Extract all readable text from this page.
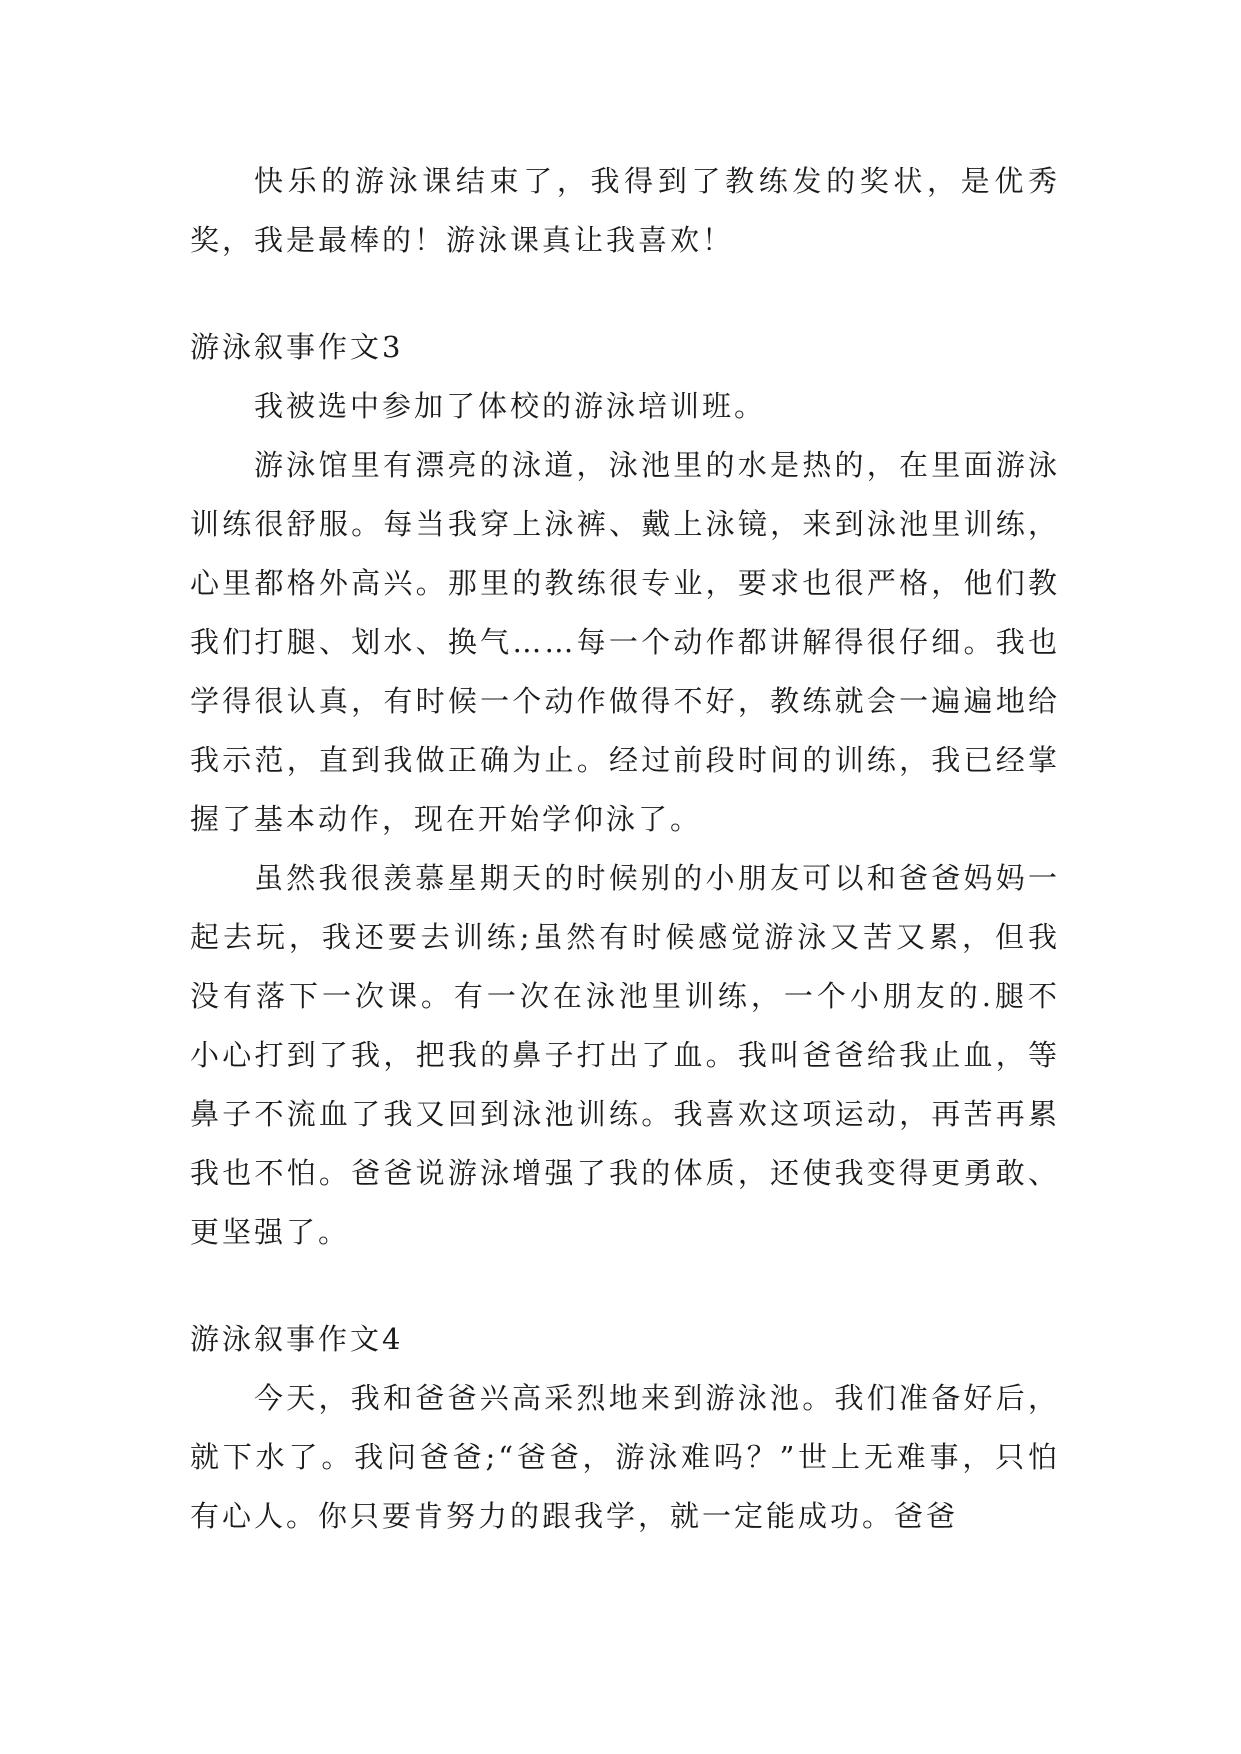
快乐的游泳课结束了，我得到了教练发的奖状，是优秀奖，我是最棒的！游泳课真让我喜欢！

游泳叙事作文3

我被选中参加了体校的游泳培训班。

游泳馆里有漂亮的泳道，泳池里的水是热的，在里面游泳训练很舒服。每当我穿上泳裤、戴上泳镜，来到泳池里训练，心里都格外高兴。那里的教练很专业，要求也很严格，他们教我们打腿、划水、换气……每一个动作都讲解得很仔细。我也学得很认真，有时候一个动作做得不好，教练就会一遍遍地给我示范，直到我做正确为止。经过前段时间的训练，我已经掌握了基本动作，现在开始学仰泳了。

虽然我很羡慕星期天的时候别的小朋友可以和爸爸妈妈一起去玩，我还要去训练;虽然有时候感觉游泳又苦又累，但我没有落下一次课。有一次在泳池里训练，一个小朋友的.腿不小心打到了我，把我的鼻子打出了血。我叫爸爸给我止血，等鼻子不流血了我又回到泳池训练。我喜欢这项运动，再苦再累我也不怕。爸爸说游泳增强了我的体质，还使我变得更勇敢、更坚强了。

游泳叙事作文4

今天，我和爸爸兴高采烈地来到游泳池。我们准备好后，就下水了。我问爸爸;“爸爸，游泳难吗？”世上无难事，只怕有心人。你只要肯努力的跟我学，就一定能成功。爸爸
